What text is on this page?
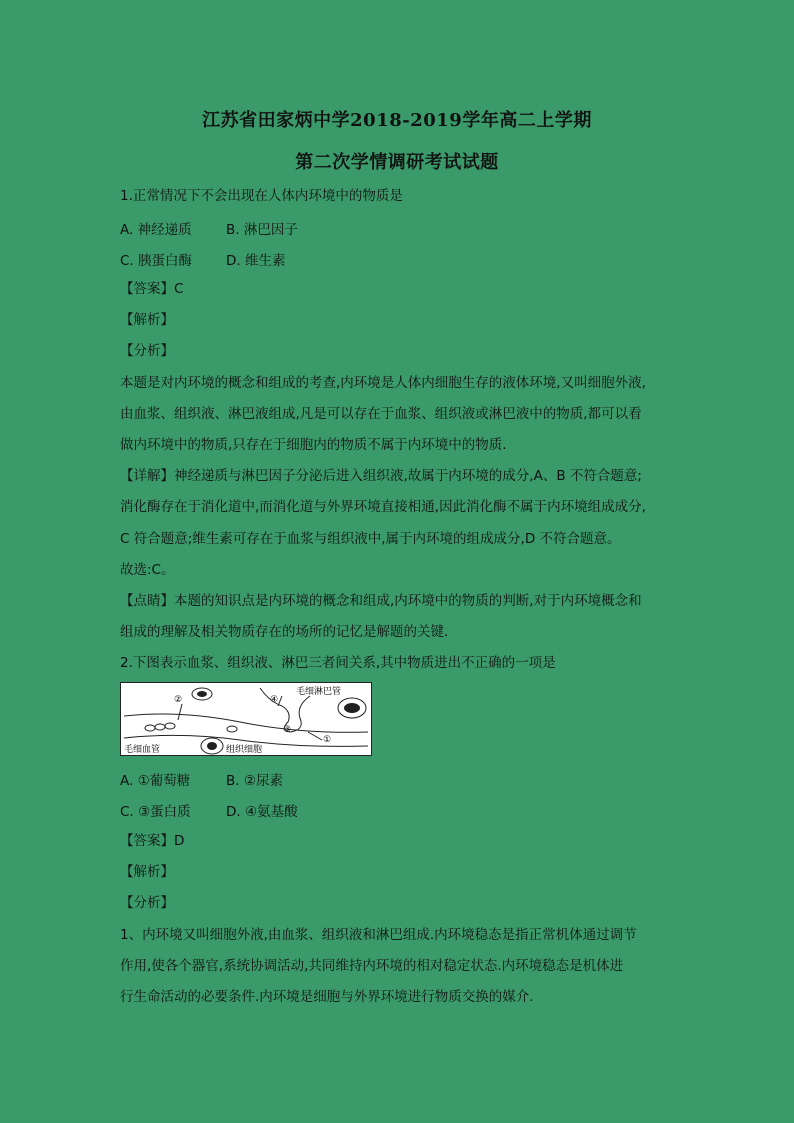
江苏省田家炳中学2018-2019学年高二上学期
第二次学情调研考试试题
1.正常情况下不会出现在人体内环境中的物质是
A. 神经递质	B. 淋巴因子
C. 胰蛋白酶	D. 维生素
【答案】C
【解析】
【分析】
本题是对内环境的概念和组成的考查,内环境是人体内细胞生存的液体环境,又叫细胞外液,
由血浆、组织液、淋巴液组成,凡是可以存在于血浆、组织液或淋巴液中的物质,都可以看
做内环境中的物质,只存在于细胞内的物质不属于内环境中的物质.
【详解】神经递质与淋巴因子分泌后进入组织液,故属于内环境的成分,A、B 不符合题意;
消化酶存在于消化道中,而消化道与外界环境直接相通,因此消化酶不属于内环境组成成分,
C 符合题意;维生素可存在于血浆与组织液中,属于内环境的组成成分,D 不符合题意。
故选:C。
【点睛】本题的知识点是内环境的概念和组成,内环境中的物质的判断,对于内环境概念和
组成的理解及相关物质存在的场所的记忆是解题的关键.
2.下图表示血浆、组织液、淋巴三者间关系,其中物质进出不正确的一项是
②	④
③
①
毛细淋巴管
毛细血管	组织细胞
A. ①葡萄糖	B. ②尿素
C. ③蛋白质	D. ④氨基酸
【答案】D
【解析】
【分析】
1、内环境又叫细胞外液,由血浆、组织液和淋巴组成.内环境稳态是指正常机体通过调节
作用,使各个器官,系统协调活动,共同维持内环境的相对稳定状态.内环境稳态是机体进
行生命活动的必要条件.内环境是细胞与外界环境进行物质交换的媒介.
